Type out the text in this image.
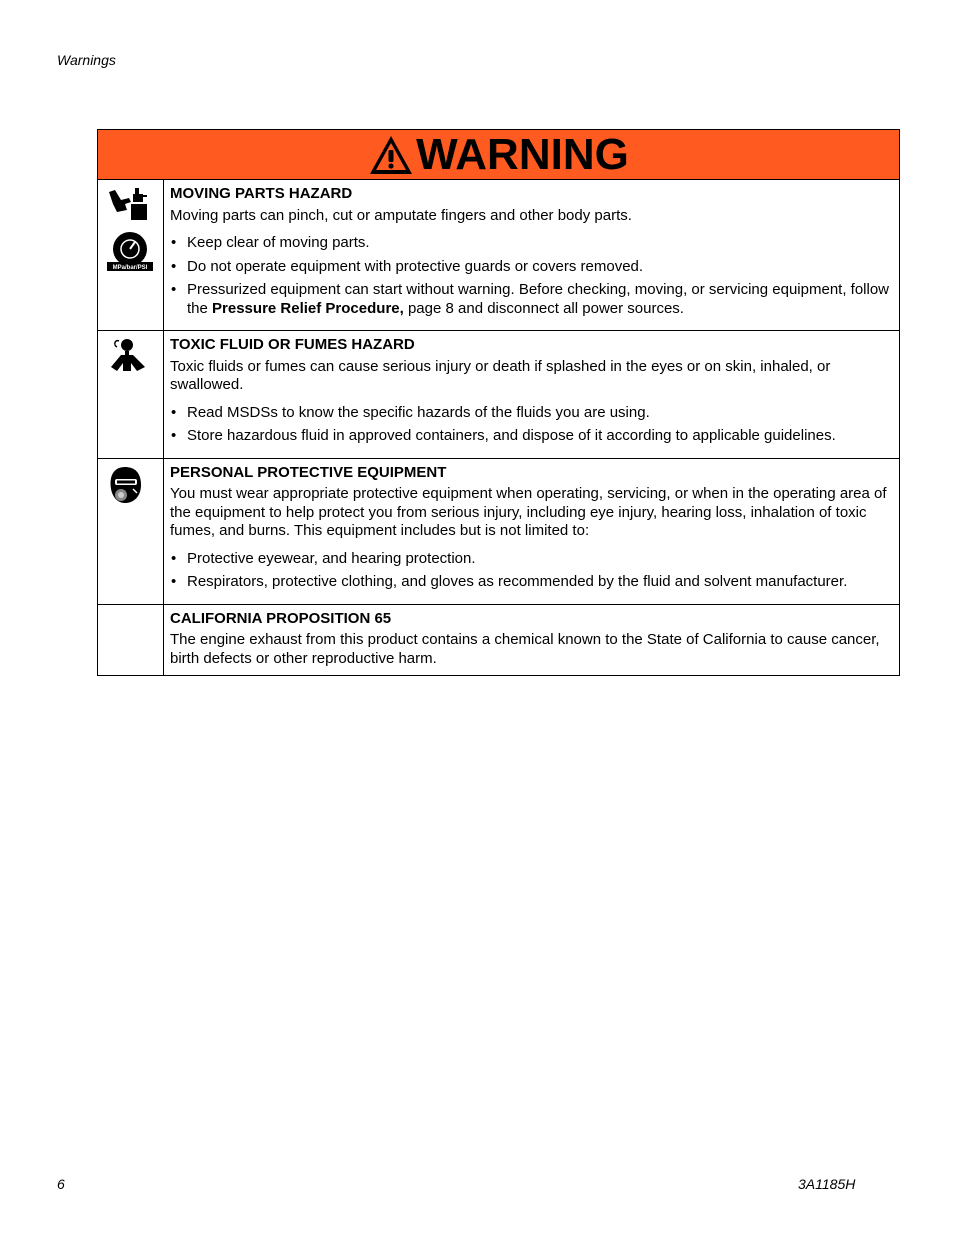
Warnings
WARNING
MPa/bar/PSI
MOVING PARTS HAZARD
Moving parts can pinch, cut or amputate fingers and other body parts.
• Keep clear of moving parts.
• Do not operate equipment with protective guards or covers removed.
• Pressurized equipment can start without warning. Before checking, moving, or servicing equipment, follow the Pressure Relief Procedure, page 8 and disconnect all power sources.
TOXIC FLUID OR FUMES HAZARD
Toxic fluids or fumes can cause serious injury or death if splashed in the eyes or on skin, inhaled, or swallowed.
• Read MSDSs to know the specific hazards of the fluids you are using.
• Store hazardous fluid in approved containers, and dispose of it according to applicable guidelines.
PERSONAL PROTECTIVE EQUIPMENT
You must wear appropriate protective equipment when operating, servicing, or when in the operating area of the equipment to help protect you from serious injury, including eye injury, hearing loss, inhalation of toxic fumes, and burns. This equipment includes but is not limited to:
• Protective eyewear, and hearing protection.
• Respirators, protective clothing, and gloves as recommended by the fluid and solvent manufacturer.
CALIFORNIA PROPOSITION 65
The engine exhaust from this product contains a chemical known to the State of California to cause cancer, birth defects or other reproductive harm.
6	3A1185H
